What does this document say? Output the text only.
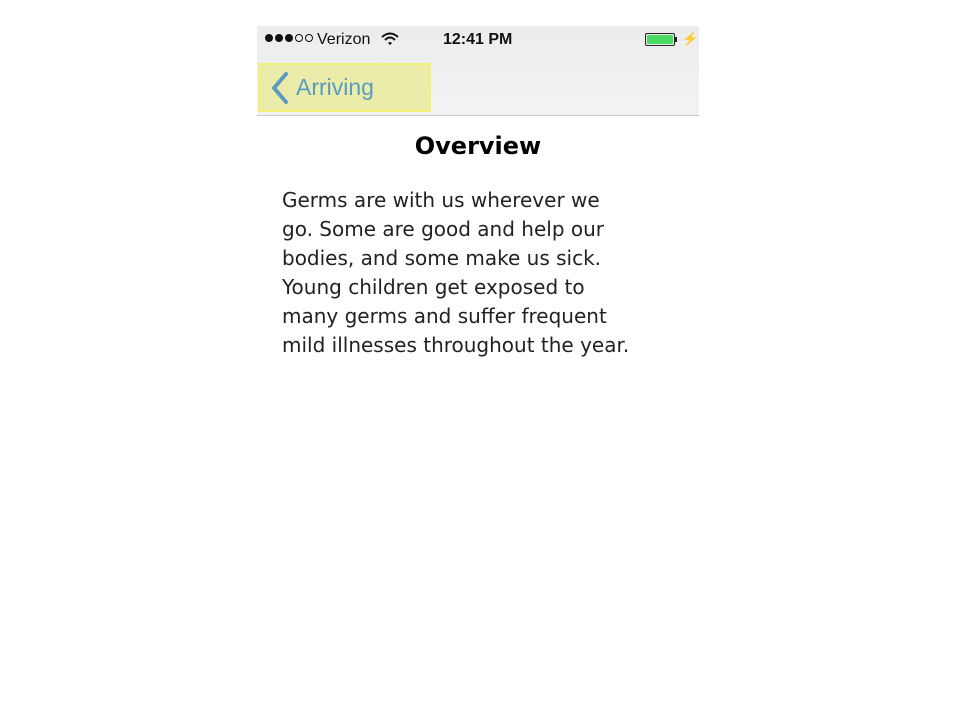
Verizon	12:41 PM	⚡
Arriving
Overview
Germs are with us wherever we
go. Some are good and help our
bodies, and some make us sick.
Young children get exposed to
many germs and suffer frequent
mild illnesses throughout the year.
